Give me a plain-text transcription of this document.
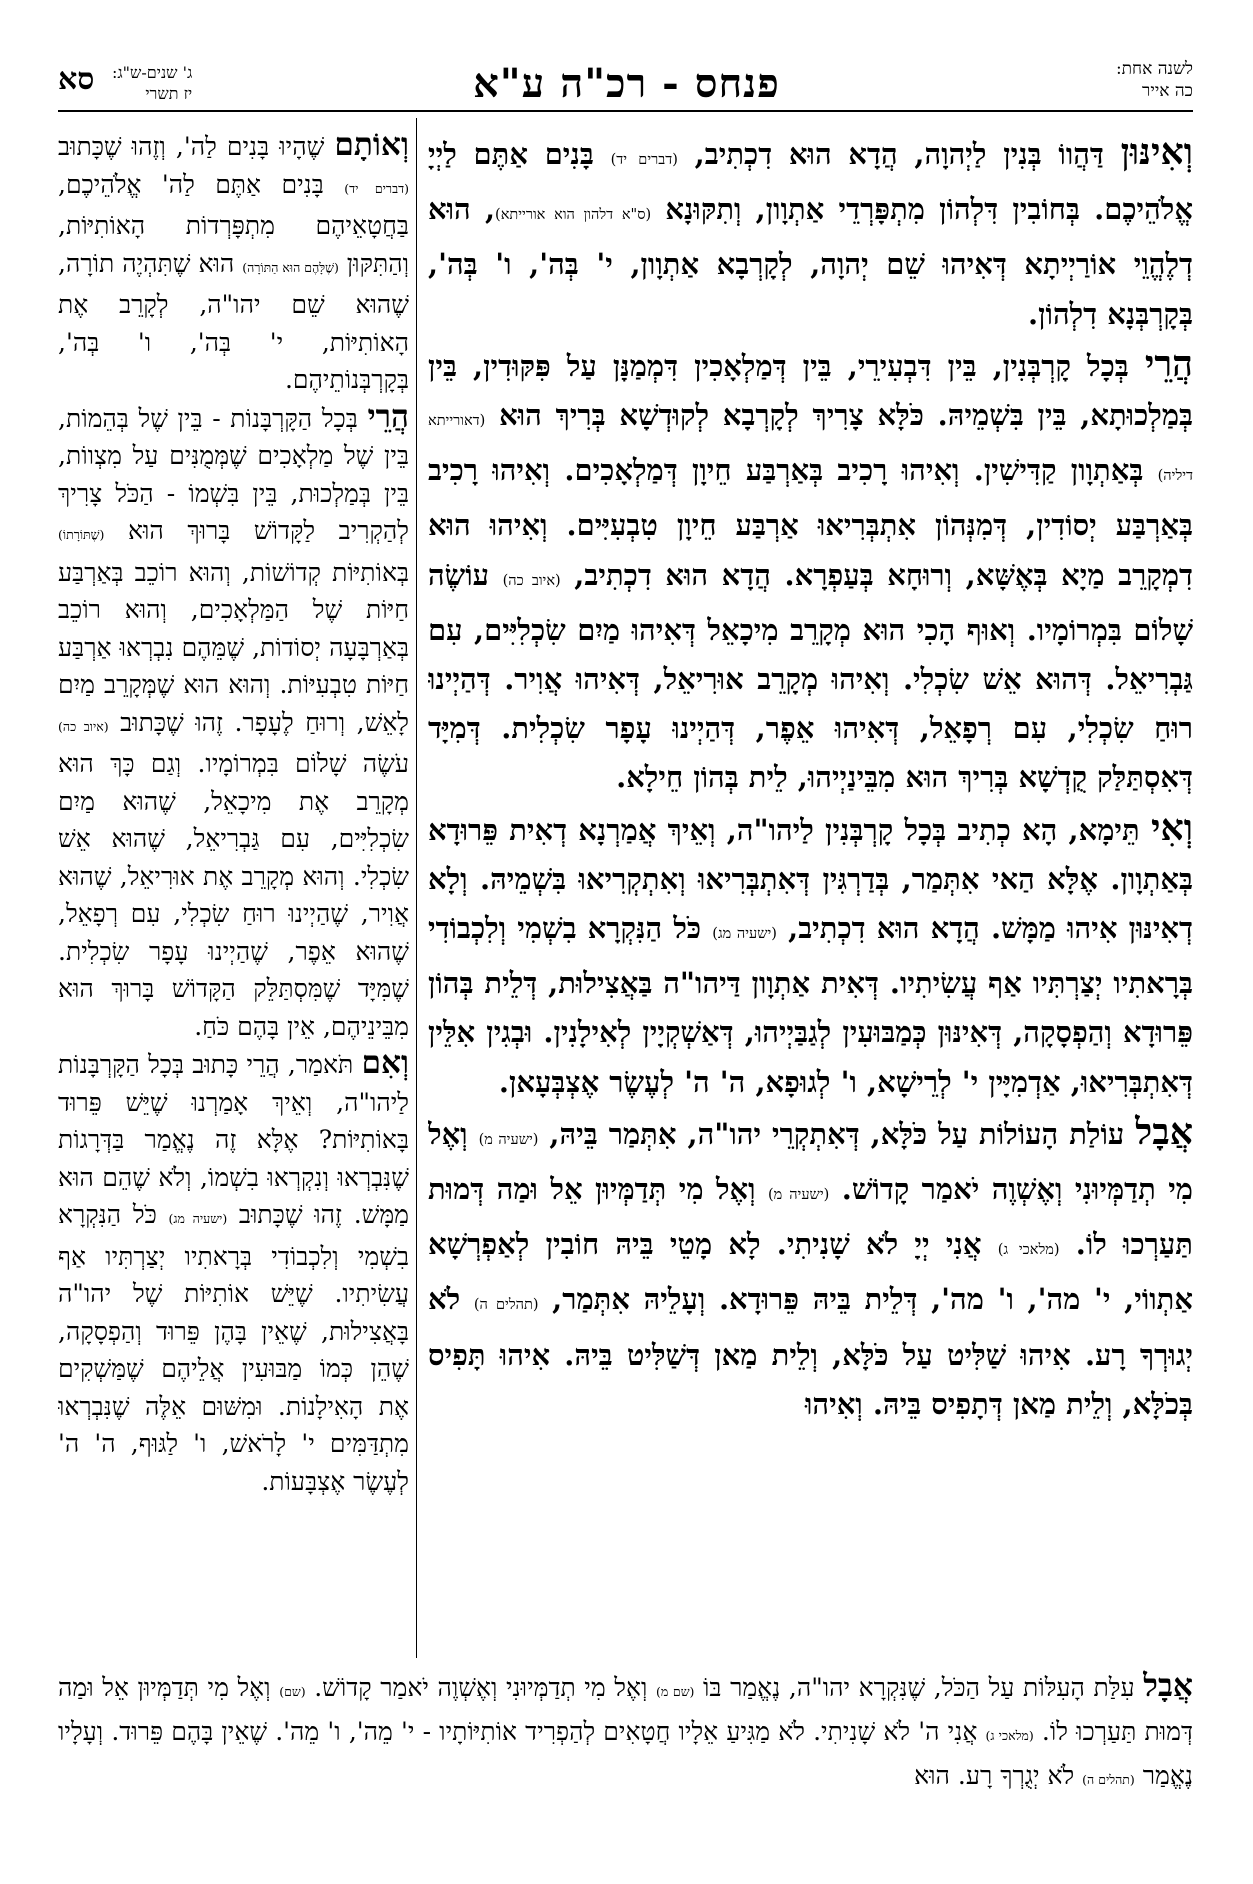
לשנה אחת:
כה אייר
פנחס - רכ"ה ע"א
ג' שנים-ש"ג:
יז תשרי
סא

וְאִינּוּן דַּהֲווֹ בְּנִין לַיְהוָה, הֲדָא הוּא דִכְתִיב, (דברים יד) בָּנִים אַתֶּם לַיְיָ אֱלֹהֵיכֶם. בְּחוֹבִין דִּלְהוֹן מִתְפָּרְדֵי אַתְוָון, וְתִקּוּנָא (ס"א דלהון הוא אורייתא), הוּא דְלֶהֱוֵי אוֹרַיְיתָא דְּאִיהוּ שֵׁם יְהוָה, לְקָרְבָא אַתְוָון, י' בְּה', ו' בְּה', בְּקָרְבְּנָא דִלְהוֹן.

הֲרֵי בְּכָל קָרְבְּנִין, בֵּין דִּבְעִירֵי, בֵּין דְּמַלְאָכִין דִּמְמַנָּן עַל פִּקּוּדִין, בֵּין בְּמַלְכוּתָא, בֵּין בִּשְׁמֵיהּ. כֹּלָּא צָרִיךְ לְקָרְבָא לְקוּדְשָׁא בְּרִיךְ הוּא (דאורייתא דיליה) בְּאַתְוָון קַדִּישִׁין. וְאִיהוּ רָכִיב בְּאַרְבַּע חֵיוָן דְּמַלְאָכִים. וְאִיהוּ רָכִיב בְּאַרְבַּע יְסוֹדִין, דְּמִנְּהוֹן אִתְבְּרִיאוּ אַרְבַּע חֵיוָן טִבְעִיִּים. וְאִיהוּ הוּא דִמְקָרֵב מַיָא בְּאֶשָּׁא, וְרוּחָא בְּעַפְרָא. הֲדָא הוּא דִכְתִיב, (איוב כה) עוֹשֶׂה שָׁלוֹם בִּמְרוֹמָיו. וְאוּף הָכִי הוּא מְקָרֵב מִיכָאֵל דְּאִיהוּ מַיִם שִׂכְלִיִּים, עִם גַּבְרִיאֵל. דְּהוּא אֵשׁ שִׂכְלִי. וְאִיהוּ מְקָרֵב אוּרִיאֵל, דְּאִיהוּ אֲוִיר. דְּהַיְינוּ רוּחַ שִׂכְלִי, עִם רְפָאֵל, דְּאִיהוּ אֵפֶר, דְּהַיְינוּ עָפָר שִׂכְלִית. דְּמִיָּד דְּאִסְתַּלַּק קֻדְשָׁא בְּרִיךְ הוּא מִבֵּינַיְיהוּ, לֵית בְּהוֹן חֵילָא.

וְאִי תֵּימָא, הָא כְתִיב בְּכָל קָרְבְּנִין לַיהו"ה, וְאֵיךְ אֲמַרְנָא דְאִית פֵּרוּדָא בְּאַתְוָון. אֶלָּא הַאי אִתְּמַר, בְּדַרְגִּין דְּאִתְבְּרִיאוּ וְאִתְקְרִיאוּ בִּשְׁמֵיהּ. וְלָא דְאִינּוּן אִיהוּ מַמָּשׁ. הֲדָא הוּא דִכְתִיב, (ישעיה מג) כֹּל הַנִּקְרָא בִשְׁמִי וְלִכְבוֹדִי בְּרָאתִיו יְצַרְתִּיו אַף עֲשִׂיתִיו. דְּאִית אַתְוָון דַּיהו"ה בַּאֲצִילוּת, דְּלֵית בְּהוֹן פֵּרוּדָא וְהַפְסָקָה, דְּאִינּוּן כְּמַבּוּעִין לְגַבַּיְיהוּ, דְּאַשְׁקְיָין לְאִילָנִין. וּבְגִין אִלֵּין דְּאִתְבְּרִיאוּ, אַדְמִיָּין י' לְרֵישָׁא, ו' לְגוּפָא, ה' ה' לְעֶשֶׂר אֶצְבְּעָאן.

אֲבָל עוֹלַת הָעוֹלוֹת עַל כֹּלָּא, דְּאִתְקְרֵי יהו"ה, אִתְּמַר בֵּיהּ, (ישעיה מ) וְאֶל מִי תְדַמְּיוּנִי וְאֶשְׁוֶה יֹאמַר קָדוֹשׁ. (ישעיה מ) וְאֶל מִי תְּדַמְּיוּן אֵל וּמַה דְּמוּת תַּעַרְכוּ לוֹ. (מלאכי ג) אֲנִי יְיָ לֹא שָׁנִיתִי. לָא מָטֵי בֵּיהּ חוֹבִין לְאַפְרְשָׁא אַתְווֹי, י' מה', ו' מה', דְּלֵית בֵּיהּ פֵּרוּדָא. וְעָלֵיהּ אִתְּמַר, (תהלים ה) לֹא יְגוּרְךָ רָע. אִיהוּ שַׁלִּיט עַל כֹּלָּא, וְלֵית מַאן דְּשַׁלִּיט בֵּיהּ. אִיהוּ תָּפִיס בְּכֹלָּא, וְלֵית מַאן דְּתָפִיס בֵּיהּ. וְאִיהוּ

וְאוֹתָם שֶׁהָיוּ בָּנִים לַה', וְזֶהוּ שֶׁכָּתוּב (דברים יד) בָּנִים אַתֶּם לַה' אֱלֹהֵיכֶם, בַּחֲטָאֵיהֶם מִתְפָּרְדוֹת הָאוֹתִיּוֹת, וְהַתִּקּוּן (שֶׁלָּהֶם הוּא הַתּוֹרָה) הוּא שֶׁתִּהְיֶה תוֹרָה, שֶׁהוּא שֵׁם יהו"ה, לְקָרֵב אֶת הָאוֹתִיּוֹת, י' בְּה', ו' בְּה', בְּקָרְבְּנוֹתֵיהֶם.

הֲרֵי בְּכָל הַקָּרְבָּנוֹת - בֵּין שֶׁל בְּהֵמוֹת, בֵּין שֶׁל מַלְאָכִים שֶׁמְּמֻנִּים עַל מִצְווֹת, בֵּין בְּמַלְכוּת, בֵּין בִּשְׁמוֹ - הַכֹּל צָרִיךְ לְהַקְרִיב לַקָּדוֹשׁ בָּרוּךְ הוּא (שֶׁתּוֹרָתוֹ) בְּאוֹתִיּוֹת קְדוֹשׁוֹת, וְהוּא רוֹכֵב בְּאַרְבַּע חַיּוֹת שֶׁל הַמַּלְאָכִים, וְהוּא רוֹכֵב בְּאַרְבָּעָה יְסוֹדוֹת, שֶׁמֵּהֶם נִבְרְאוּ אַרְבַּע חַיּוֹת טִבְעִיּוֹת. וְהוּא הוּא שֶׁמְּקָרֵב מַיִם לָאֵשׁ, וְרוּחַ לֶעָפָר. זֶהוּ שֶׁכָּתוּב (איוב כה) עֹשֶׂה שָׁלוֹם בִּמְרוֹמָיו. וְגַם כָּךְ הוּא מְקָרֵב אֶת מִיכָאֵל, שֶׁהוּא מַיִם שִׂכְלִיִּים, עִם גַּבְרִיאֵל, שֶׁהוּא אֵשׁ שִׂכְלִי. וְהוּא מְקָרֵב אֶת אוּרִיאֵל, שֶׁהוּא אֲוִיר, שֶׁהַיְינוּ רוּחַ שִׂכְלִי, עִם רְפָאֵל, שֶׁהוּא אֵפֶר, שֶׁהַיְינוּ עָפָר שִׂכְלִית. שֶׁמִּיָּד שֶׁמִּסְתַּלֵּק הַקָּדוֹשׁ בָּרוּךְ הוּא מִבֵּינֵיהֶם, אֵין בָּהֶם כֹּחַ.

וְאִם תֹּאמַר, הֲרֵי כָּתוּב בְּכָל הַקָּרְבָּנוֹת לַיהו"ה, וְאֵיךְ אָמַרְנוּ שֶׁיֵּשׁ פֵּרוּד בָּאוֹתִיּוֹת? אֶלָּא זֶה נֶאֱמַר בַּדְּרָגוֹת שֶׁנִּבְרְאוּ וְנִקְרְאוּ בִשְׁמוֹ, וְלֹא שֶׁהֵם הוּא מַמָּשׁ. זֶהוּ שֶׁכָּתוּב (ישעיה מג) כֹּל הַנִּקְרָא בִשְׁמִי וְלִכְבוֹדִי בְּרָאתִיו יְצַרְתִּיו אַף עֲשִׂיתִיו. שֶׁיֵּשׁ אוֹתִיּוֹת שֶׁל יהו"ה בָּאֲצִילוּת, שֶׁאֵין בָּהֶן פֵּרוּד וְהַפְסָקָה, שֶׁהֵן כְּמוֹ מַבּוּעִין אֲלֵיהֶם שֶׁמַּשְׁקִים אֶת הָאִילָנוֹת. וּמִשּׁוּם אֵלֶּה שֶׁנִּבְרְאוּ מִתְדַּמִּים י' לָרֹאשׁ, ו' לַגּוּף, ה' ה' לְעֶשֶׂר אֶצְבָּעוֹת.

אֲבָל עִלַּת הָעִלּוֹת עַל הַכֹּל, שֶׁנִּקְרָא יהו"ה, נֶאֱמַר בּוֹ (שם מ) וְאֶל מִי תְדַמְּיוּנִי וְאֶשְׁוֶה יֹאמַר קָדוֹשׁ. (שם) וְאֶל מִי תְּדַמְּיוּן אֵל וּמַה דְּמוּת תַּעַרְכוּ לוֹ. (מלאכי ג) אֲנִי ה' לֹא שָׁנִיתִי. לֹא מַגִּיעַ אֵלָיו חֲטָאִים לְהַפְרִיד אוֹתִיּוֹתָיו - י' מֵה', ו' מֵה'. שֶׁאֵין בָּהֶם פֵּרוּד. וְעָלָיו נֶאֱמַר (תהלים ה) לֹא יְגֻרְךָ רָע. הוּא
